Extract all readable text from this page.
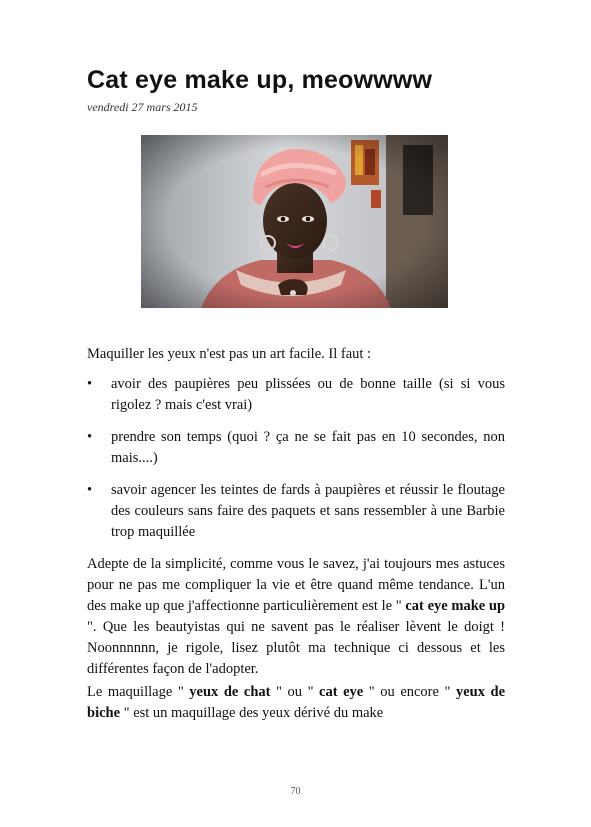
Cat eye make up, meowwww
vendredi 27 mars 2015

Maquiller les yeux n'est pas un art facile. Il faut :

• avoir des paupières peu plissées ou de bonne taille (si si vous rigolez ? mais c'est vrai)
• prendre son temps (quoi ? ça ne se fait pas en 10 secondes, non mais....)
• savoir agencer les teintes de fards à paupières et réussir le floutage des couleurs sans faire des paquets et sans ressembler à une Barbie trop maquillée

Adepte de la simplicité, comme vous le savez, j'ai toujours mes astuces pour ne pas me compliquer la vie et être quand même tendance. L'un des make up que j'affectionne particulièrement est le " cat eye make up ". Que les beautyistas qui ne savent pas le réaliser lèvent le doigt ! Noonnnnnn, je rigole, lisez plutôt ma technique ci dessous et les différentes façon de l'adopter.

Le maquillage " yeux de chat " ou " cat eye " ou encore " yeux de biche " est un maquillage des yeux dérivé du make

70
